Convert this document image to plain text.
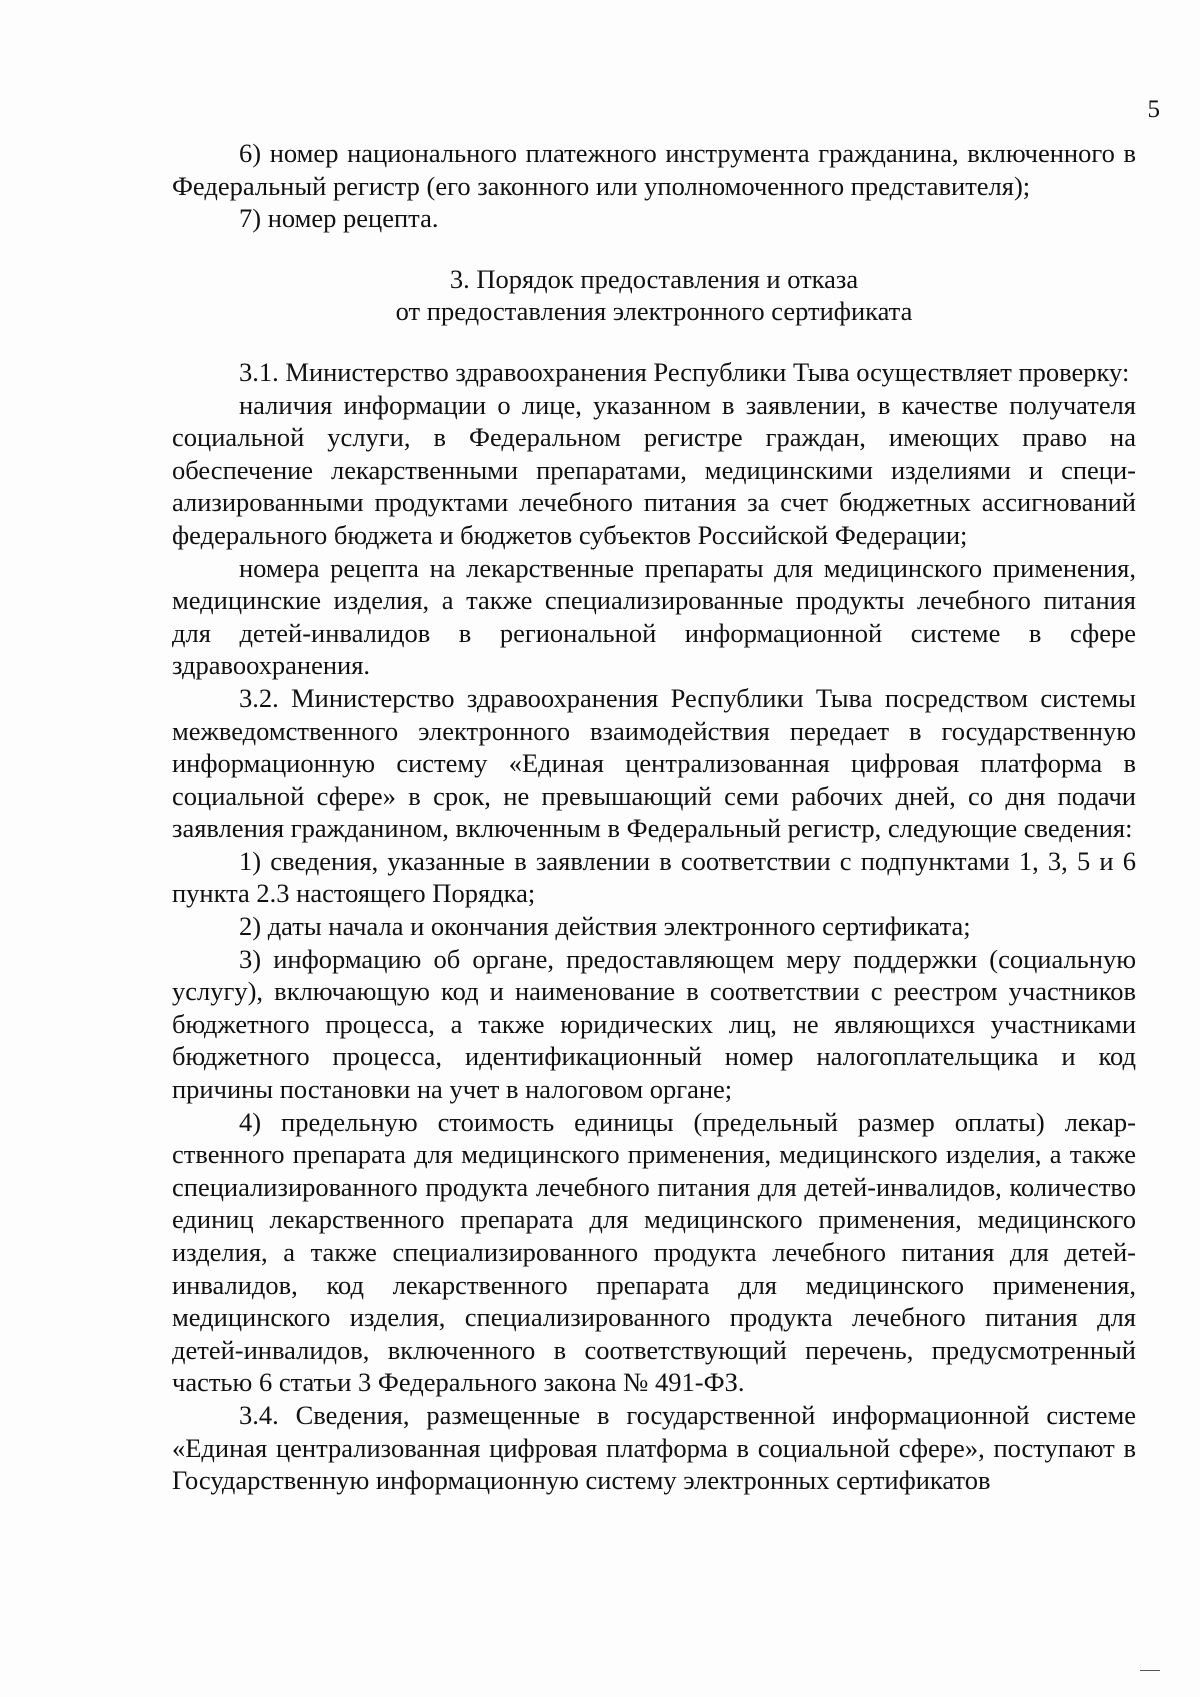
5

6) номер национального платежного инструмента гражданина, включенного в Федеральный регистр (его законного или уполномоченного представителя);

7) номер рецепта.

3. Порядок предоставления и отказа

от предоставления электронного сертификата

3.1. Министерство здравоохранения Республики Тыва осуществляет проверку:

наличия информации о лице, указанном в заявлении, в качестве получателя социальной услуги, в Федеральном регистре граждан, имеющих право на обеспечение лекарственными препаратами, медицинскими изделиями и специализированными продуктами лечебного питания за счет бюджетных ассигнований федерального бюджета и бюджетов субъектов Российской Федерации;

номера рецепта на лекарственные препараты для медицинского применения, медицинские изделия, а также специализированные продукты лечебного питания для детей-инвалидов в региональной информационной системе в сфере здравоохранения.

3.2. Министерство здравоохранения Республики Тыва посредством системы межведомственного электронного взаимодействия передает в государственную информационную систему «Единая централизованная цифровая платформа в социальной сфере» в срок, не превышающий семи рабочих дней, со дня подачи заявления гражданином, включенным в Федеральный регистр, следующие сведения:

1) сведения, указанные в заявлении в соответствии с подпунктами 1, 3, 5 и 6 пункта 2.3 настоящего Порядка;

2) даты начала и окончания действия электронного сертификата;

3) информацию об органе, предоставляющем меру поддержки (социальную услугу), включающую код и наименование в соответствии с реестром участников бюджетного процесса, а также юридических лиц, не являющихся участниками бюджетного процесса, идентификационный номер налогоплательщика и код причины постановки на учет в налоговом органе;

4) предельную стоимость единицы (предельный размер оплаты) лекарственного препарата для медицинского применения, медицинского изделия, а также специализированного продукта лечебного питания для детей-инвалидов, количество единиц лекарственного препарата для медицинского применения, медицинского изделия, а также специализированного продукта лечебного питания для детей-инвалидов, код лекарственного препарата для медицинского применения, медицинского изделия, специализированного продукта лечебного питания для детей-инвалидов, включенного в соответствующий перечень, предусмотренный частью 6 статьи 3 Федерального закона № 491-ФЗ.

3.4. Сведения, размещенные в государственной информационной системе «Единая централизованная цифровая платформа в социальной сфере», поступают в Государственную информационную систему электронных сертификатов
